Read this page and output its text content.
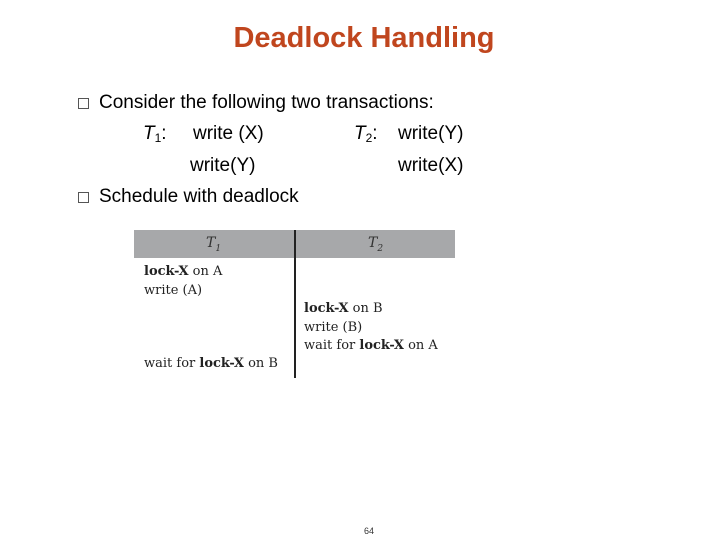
Deadlock Handling
Consider the following two transactions:
$T_1$: write (X)
write(Y)
$T_2$: write(Y)
write(X)
Schedule with deadlock
$T_1$	$T_2$
lock-X on A
write (A)
lock-X on B
write (B)
wait for lock-X on A
wait for lock-X on B
64
